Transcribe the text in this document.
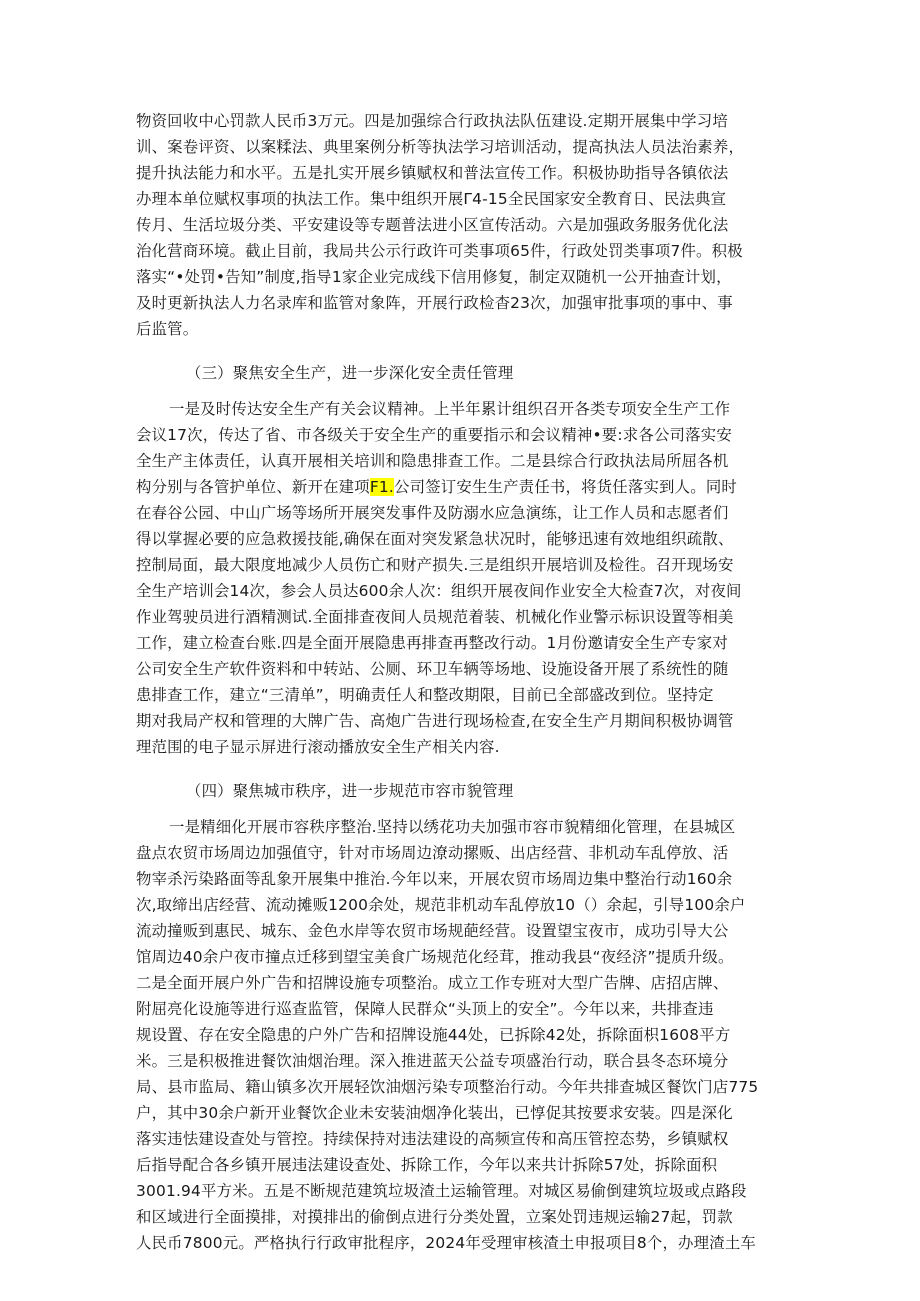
物资回收中心罚款人民币3万元。四是加强综合行政执法队伍建设.定期开展集中学习培
训、案卷评资、以案糅法、典里案例分析等执法学习培训活动，提高执法人员法治素养，
提升执法能力和水平。五是扎实开展乡镇赋权和普法宣传工作。积极协助指导各镇依法
办理本单位赋权事项的执法工作。集中组织开展Γ4-15全民国家安全教育日、民法典宣
传月、生活垃圾分类、平安建设等专题普法进小区宣传活动。六是加强政务服务优化法
治化营商环境。截止目前，我局共公示行政许可类事项65件，行政处罚类事项7件。积极
落实“•处罚•告知”制度,指导1家企业完成线下信用修复，制定双随机一公开抽查计划，
及时更新执法人力名录库和监管对象阵，开展行政检杳23次，加强审批事项的事中、事
后监管。
（三）聚焦安全生产，进一步深化安全责任管理
一是及时传达安全生产有关会议精神。上半年累计组织召开各类专项安全生产工作
会议17次，传达了省、市各级关于安全生产的重要指示和会议精神•要:求各公司落实安
全生产主体责任，认真开展相关培训和隐患排查工作。二是县综合行政执法局所屈各机
构分别与各管护单位、新开在建项F1.公司签订安生生产责任书，将货任落实到人。同时
在春谷公园、中山广场等场所开展突发事件及防溺水应急演练，让工作人员和志愿者们
得以掌握必要的应急救援技能,确保在面对突发紧急状况时，能够迅速有效地组织疏散、
控制局面，最大限度地减少人员伤亡和财产损失.三是组织开展培训及检徃。召开现场安
全生产培训会14次，参会人员达600余人次：组织开展夜间作业安全大检查7次，对夜间
作业驾驶员进行酒精测试.全面排查夜间人员规范着装、机械化作业警示标识设置等相美
工作，建立检查台账.四是全面开展隐患再排查再整改行动。1月份邀请安全生产专家对
公司安全生产软件资料和中转站、公厕、环卫车辆等场地、设施设备开展了系统性的随
患排查工作，建立“三清单”，明确责任人和整改期限，目前已全部盛改到位。坚持定
期对我局产权和管理的大牌广告、高炮广告进行现场检查,在安全生产月期间积极协调管
理范围的电子显示屏进行滚动播放安全生产相关内容.
（四）聚焦城市秩序，进一步规范市容市貌管理
一是精细化开展市容秩序整治.坚持以绣花功夫加强市容市貌精细化管理，在县城区
盘点农贸市场周边加强值守，针对市场周边潦动摞贩、出店经营、非机动车乱停放、活
物宰杀污染路面等乱象开展集中推治.今年以来，开展农贸市场周边集中整治行动160余
次,取缔出店经营、流动摊贩1200余处，规范非机动车乱停放10（）余起，引导100余户
流动撞贩到惠民、城东、金色水岸等农贸市场规葩经营。设置望宝夜市，成功引导大公
馆周边40余户夜市撞点迁移到望宝美食广场规范化经茸，推动我县“夜经济”提质升级。
二是全面开展户外广告和招牌设施专项整治。成立工作专班对大型广告牌、店招店牌、
附屈亮化设施等进行巡查监管，保障人民群众“头顶上的安全”。今年以来，共排查违
规设置、存在安全隐患的户外广告和招牌设施44处，已拆除42处，拆除面枳1608平方
米。三是积极推进餐饮油烟治理。深入推进蓝天公益专项盛治行动，联合县冬态环境分
局、县市监局、籍山镇多次开展轻饮油烟污染专项整治行动。今年共排查城区餐饮门店775
户，其中30余户新开业餐饮企业未安装油烟净化装出，已惇促其按要求安装。四是深化
落实违怯建设查处与管控。持续保持对违法建设的高频宣传和高压管控态势，乡镇赋权
后指导配合各乡镇开展违法建设查处、拆除工作，今年以来共计拆除57处，拆除面积
3001.94平方米。五是不断规范建筑垃圾渣土运输管理。对城区易偷倒建筑垃圾或点路段
和区域进行全面摸排，对摸排出的偷倒点进行分类处置，立案处罚违规运输27起，罚款
人民币7800元。严格执行行政审批程序，2024年受理审核渣土申报项目8个，办理渣土车
